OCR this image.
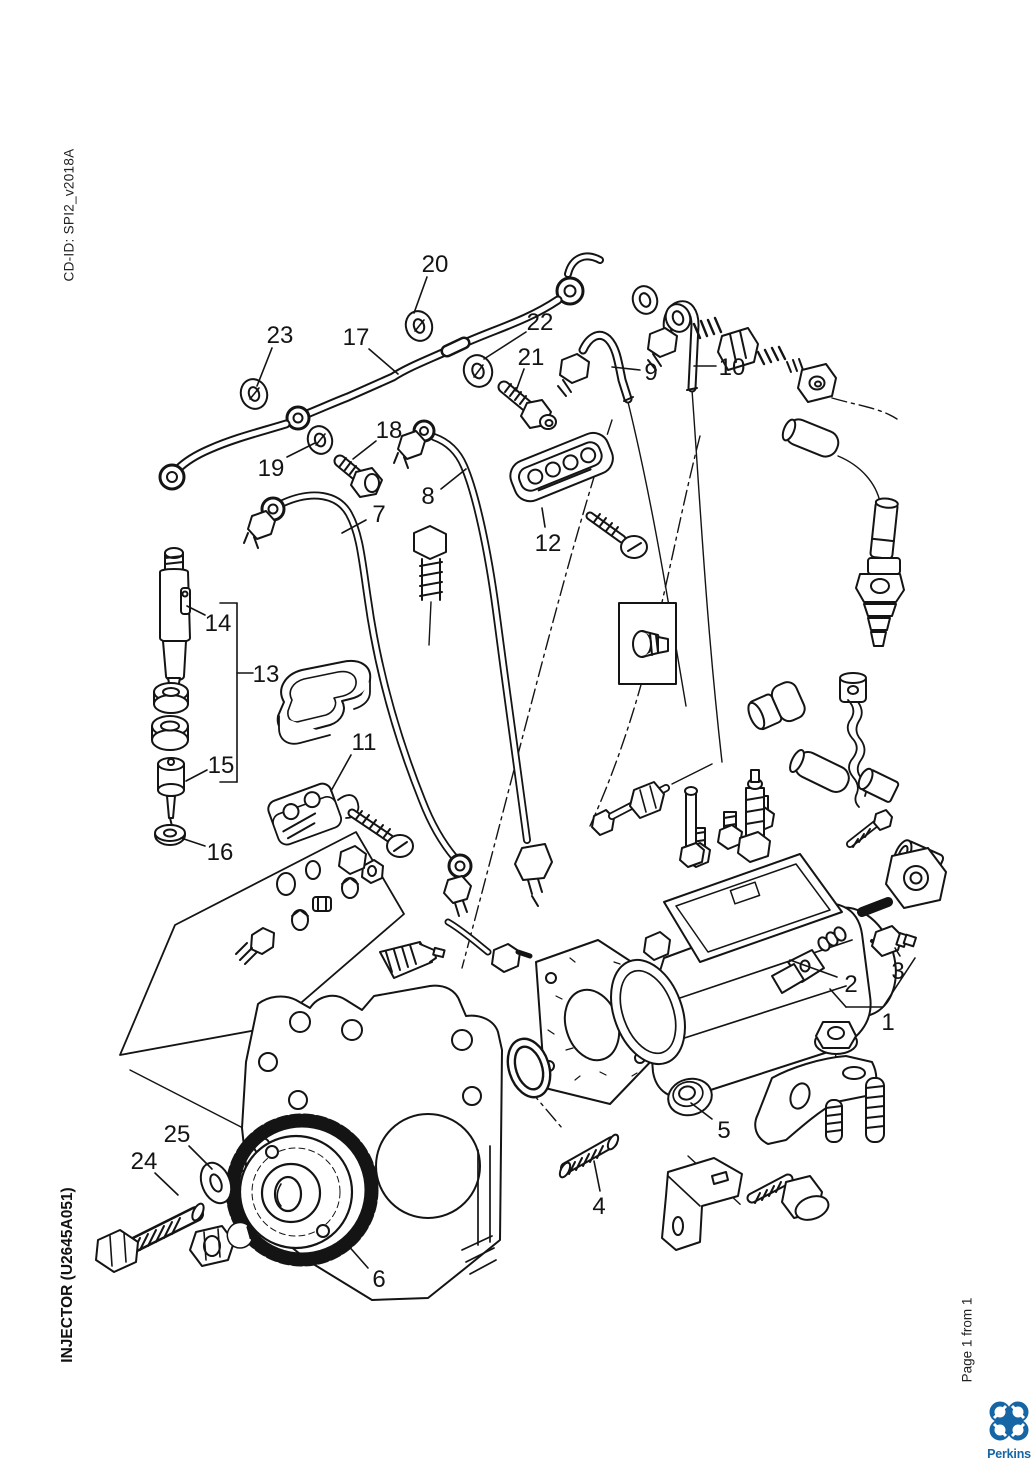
CD-ID: SPI2_v2018A
INJECTOR (U2645A051)	Page 1 from 1
20
23 17
22
21
9	10
18
19
8
7
12
14
13
15
16
11
2 3
1
5
4
6
24
25
Perkins
